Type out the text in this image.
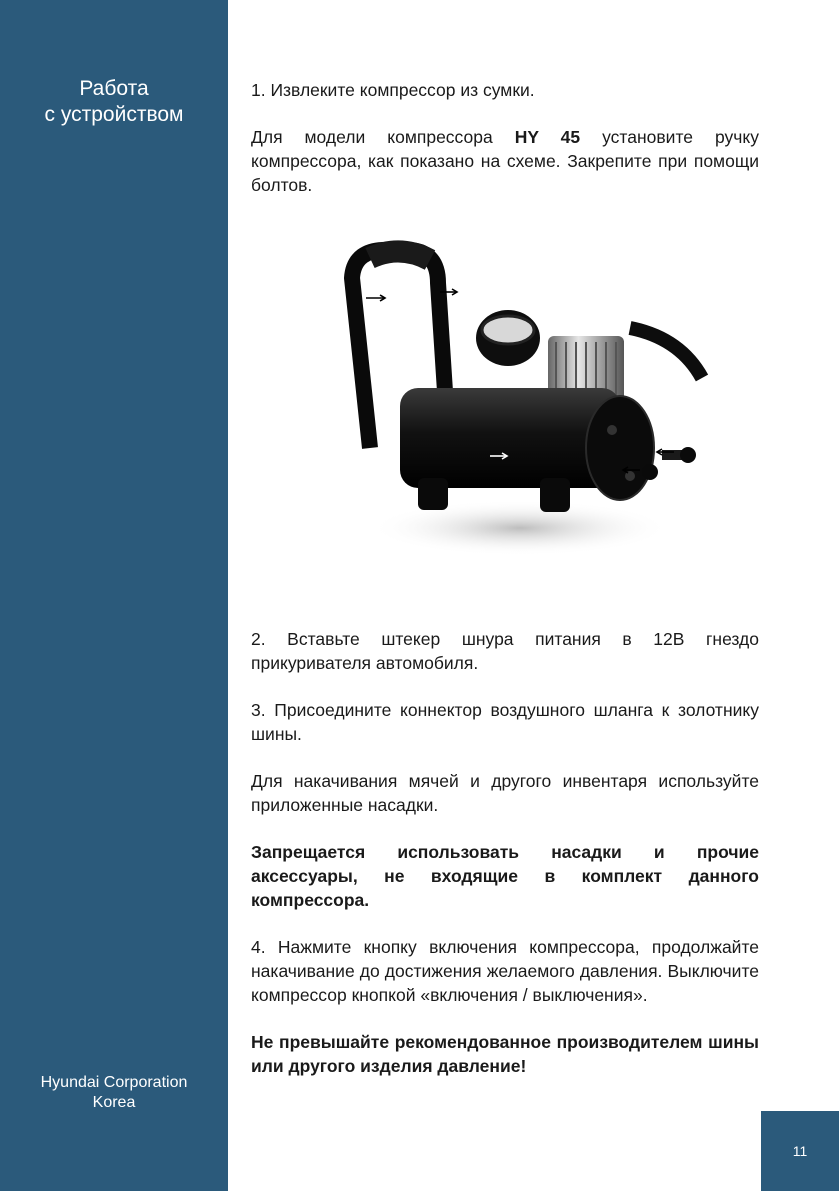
Работа
с устройством
Hyundai Corporation
Korea

1. Извлеките компрессор из сумки.

Для модели компрессора HY 45 установите ручку компрессора, как показано на схеме. Закрепите при помощи болтов.

2. Вставьте штекер шнура питания в 12В гнездо прикуривателя автомобиля.

3. Присоедините коннектор воздушного шланга к золотнику шины.

Для накачивания мячей и другого инвентаря используйте приложенные насадки.

Запрещается использовать насадки и прочие аксессуары, не входящие в комплект данного компрессора.

4. Нажмите кнопку включения компрессора, продолжайте накачивание до достижения желаемого давления. Выключите компрессор кнопкой «включения / выключения».

Не превышайте рекомендованное производителем шины или другого изделия давление!

11
